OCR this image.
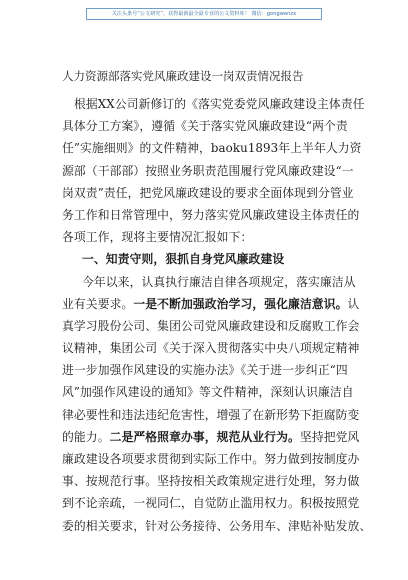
关注头条号“公文研究”，获得最新最全最专业的公文资料库！ 微信：gongwenzx
人力资源部落实党风廉政建设一岗双责情况报告
根据XX公司新修订的《落实党委党风廉政建设主体责任
具体分工方案》，遵循《关于落实党风廉政建设“两个责
任”实施细则》的文件精神，baoku1893年上半年人力资
源部（干部部）按照业务职责范围履行党风廉政建设“一
岗双责”责任，把党风廉政建设的要求全面体现到分管业
务工作和日常管理中，努力落实党风廉政建设主体责任的
各项工作，现将主要情况汇报如下：
一、知责守则，狠抓自身党风廉政建设
今年以来，认真执行廉洁自律各项规定，落实廉洁从
业有关要求。一是不断加强政治学习，强化廉洁意识。认
真学习股份公司、集团公司党风廉政建设和反腐败工作会
议精神，集团公司《关于深入贯彻落实中央八项规定精神
进一步加强作风建设的实施办法》《关于进一步纠正“四
风”加强作风建设的通知》等文件精神，深刻认识廉洁自
律必要性和违法违纪危害性，增强了在新形势下拒腐防变
的能力。二是严格照章办事，规范从业行为。坚持把党风
廉政建设各项要求贯彻到实际工作中。努力做到按制度办
事、按规范行事。坚持按相关政策规定进行处理，努力做
到不论亲疏，一视同仁，自觉防止滥用权力。积极按照党
委的相关要求，针对公务接待、公务用车、津贴补贴发放、
